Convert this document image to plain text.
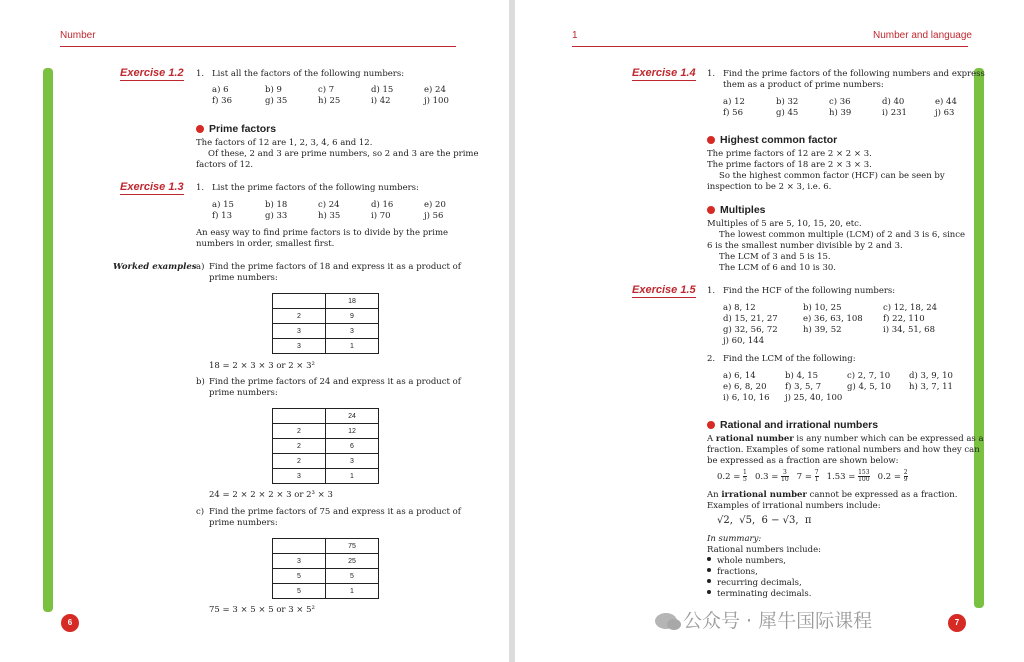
Number
6
Exercise 1.2 1. List all the factors of the following numbers:
a) 6	b) 9	c) 7	d) 15	e) 24
f) 36	g) 35	h) 25	i) 42	j) 100
Prime factors
The factors of 12 are 1, 2, 3, 4, 6 and 12.
Of these, 2 and 3 are prime numbers, so 2 and 3 are the prime
factors of 12.
Exercise 1.3 1. List the prime factors of the following numbers:
a) 15	b) 18	c) 24	d) 16	e) 20
f) 13	g) 33	h) 35	i) 70	j) 56
An easy way to find prime factors is to divide by the prime
numbers in order, smallest first.
Worked examples a) Find the prime factors of 18 and express it as a product of
prime numbers:
	18
2	9
3	3
3	1
18 = 2 × 3 × 3 or 2 × 3²
b) Find the prime factors of 24 and express it as a product of
prime numbers:
	24
2	12
2	6
2	3
3	1
24 = 2 × 2 × 2 × 3 or 2³ × 3
c) Find the prime factors of 75 and express it as a product of
prime numbers:
	75
3	25
5	5
5	1
75 = 3 × 5 × 5 or 3 × 5²
1	Number and language
7
Exercise 1.4 1. Find the prime factors of the following numbers and express
them as a product of prime numbers:
a) 12	b) 32	c) 36	d) 40	e) 44
f) 56	g) 45	h) 39	i) 231	j) 63
Highest common factor
The prime factors of 12 are 2 × 2 × 3.
The prime factors of 18 are 2 × 3 × 3.
So the highest common factor (HCF) can be seen by
inspection to be 2 × 3, i.e. 6.
Multiples
Multiples of 5 are 5, 10, 15, 20, etc.
The lowest common multiple (LCM) of 2 and 3 is 6, since
6 is the smallest number divisible by 2 and 3.
The LCM of 3 and 5 is 15.
The LCM of 6 and 10 is 30.
Exercise 1.5 1. Find the HCF of the following numbers:
a) 8, 12	b) 10, 25	c) 12, 18, 24
d) 15, 21, 27	e) 36, 63, 108	f) 22, 110
g) 32, 56, 72	h) 39, 52	i) 34, 51, 68
j) 60, 144
2. Find the LCM of the following:
a) 6, 14	b) 4, 15	c) 2, 7, 10	d) 3, 9, 10
e) 6, 8, 20	f) 3, 5, 7	g) 4, 5, 10	h) 3, 7, 11
i) 6, 10, 16	j) 25, 40, 100
Rational and irrational numbers
A rational number is any number which can be expressed as a
fraction. Examples of some rational numbers and how they can
be expressed as a fraction are shown below:
$0.2 = \frac{1}{5} 0.3 = \frac{3}{10} 7 = \frac{7}{1} 1.53 = \frac{153}{100} 0.2 = \frac{2}{9}$
An irrational number cannot be expressed as a fraction.
Examples of irrational numbers include:
√2,  √5,  6 − √3,  π
In summary:
Rational numbers include:
whole numbers,
fractions,
recurring decimals,
terminating decimals.
公众号 · 犀牛国际课程
